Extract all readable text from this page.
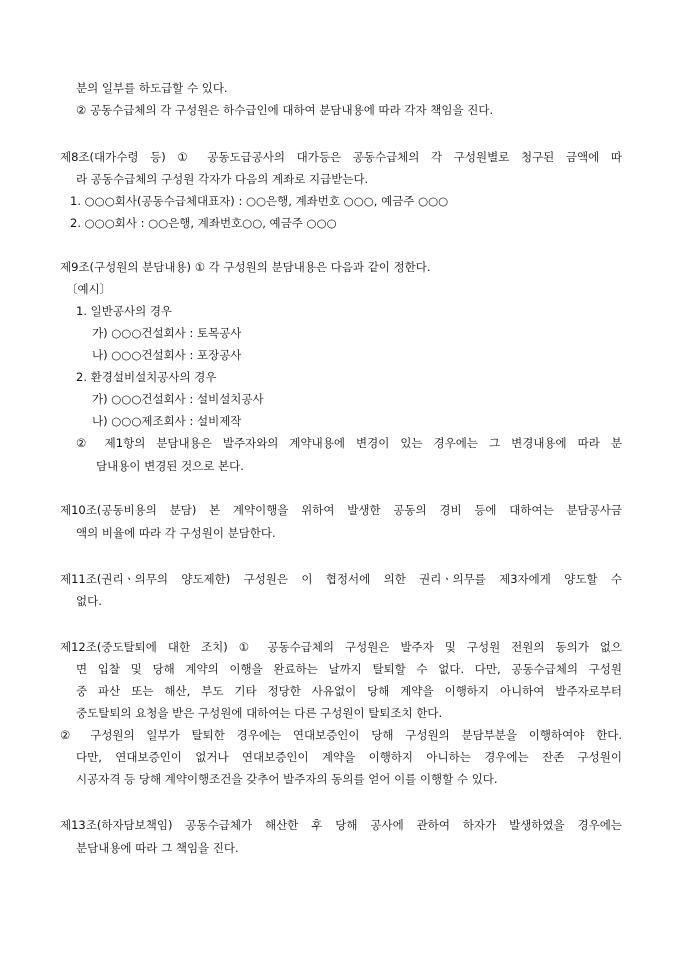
분의 일부를 하도급할 수 있다.
② 공동수급체의 각 구성원은 하수급인에 대하여 분담내용에 따라 각자 책임을 진다.
제8조(대가수령 등) ① 공동도급공사의 대가등은 공동수급체의 각 구성원별로 청구된 금액에 따
라 공동수급체의 구성원 각자가 다음의 계좌로 지급받는다.
1. ○○○회사(공동수급체대표자) : ○○은행, 계좌번호 ○○○, 예금주 ○○○
2. ○○○회사 : ○○은행, 계좌번호○○, 예금주 ○○○
제9조(구성원의 분담내용) ① 각 구성원의 분담내용은 다음과 같이 정한다.
〔예시〕
1. 일반공사의 경우
가) ○○○건설회사 : 토목공사
나) ○○○건설회사 : 포장공사
2. 환경설비설치공사의 경우
가) ○○○건설회사 : 설비설치공사
나) ○○○제조회사 : 설비제작
② 제1항의 분담내용은 발주자와의 계약내용에 변경이 있는 경우에는 그 변경내용에 따라 분
담내용이 변경된 것으로 본다.
제10조(공동비용의 분담) 본 계약이행을 위하여 발생한 공동의 경비 등에 대하여는 분담공사금
액의 비율에 따라 각 구성원이 분담한다.
제11조(권리ㆍ의무의 양도제한) 구성원은 이 협정서에 의한 권리ㆍ의무를 제3자에게 양도할 수
없다.
제12조(중도탈퇴에 대한 조치) ① 공동수급체의 구성원은 발주자 및 구성원 전원의 동의가 없으
면 입찰 및 당해 계약의 이행을 완료하는 날까지 탈퇴할 수 없다. 다만, 공동수급체의 구성원
중 파산 또는 해산, 부도 기타 정당한 사유없이 당해 계약을 이행하지 아니하여 발주자로부터
중도탈퇴의 요청을 받은 구성원에 대하여는 다른 구성원이 탈퇴조치 한다.
② 구성원의 일부가 탈퇴한 경우에는 연대보증인이 당해 구성원의 분담부분을 이행하여야 한다.
다만, 연대보증인이 없거나 연대보증인이 계약을 이행하지 아니하는 경우에는 잔존 구성원이
시공자격 등 당해 계약이행조건을 갖추어 발주자의 동의를 얻어 이를 이행할 수 있다.
제13조(하자담보책임) 공동수급체가 해산한 후 당해 공사에 관하여 하자가 발생하였을 경우에는
분담내용에 따라 그 책임을 진다.
